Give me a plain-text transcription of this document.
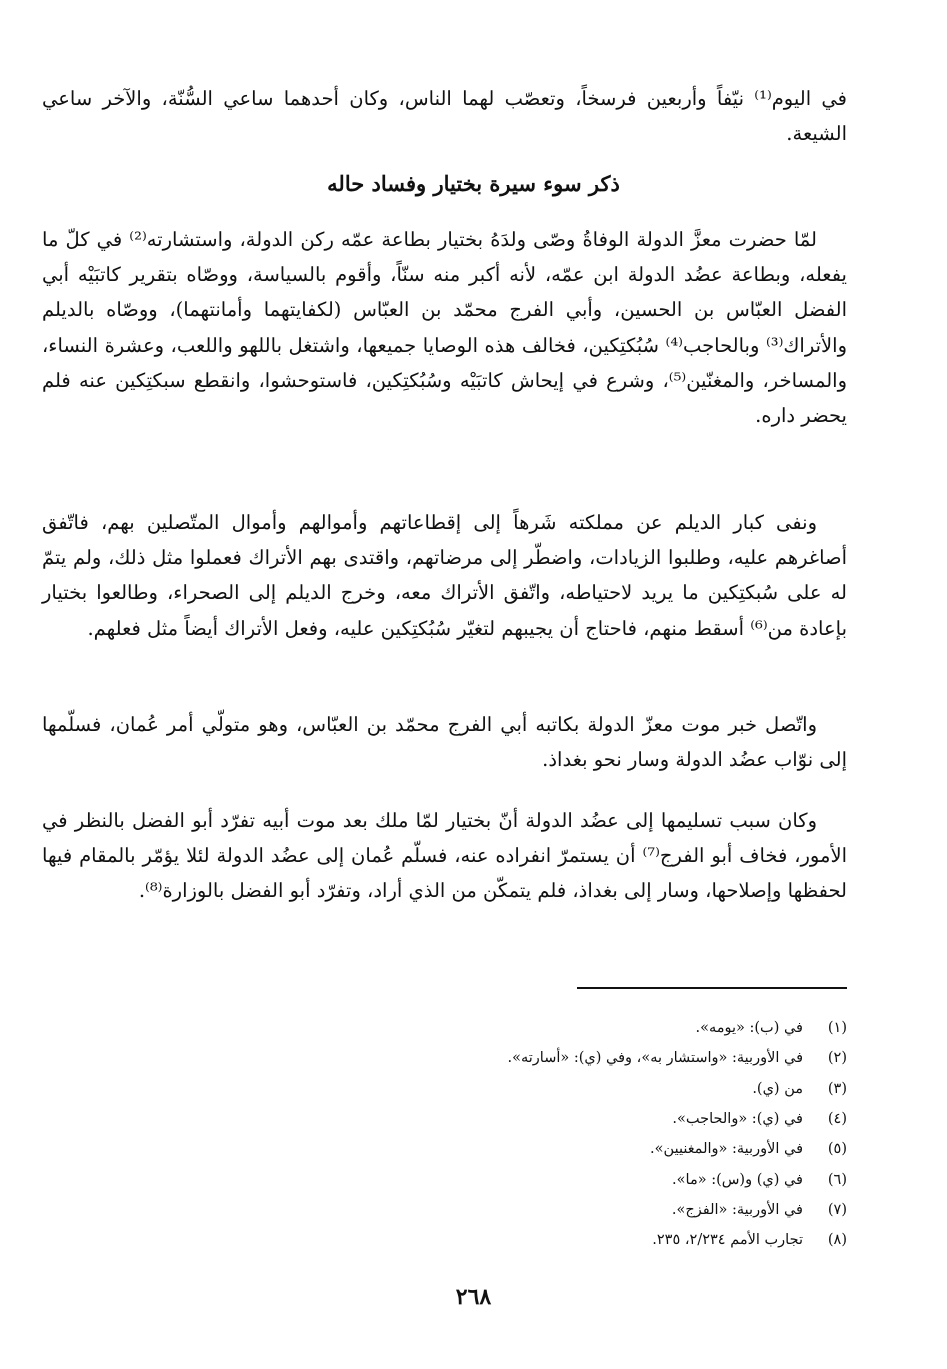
في اليوم⁽¹⁾ نيّفاً وأربعين فرسخاً، وتعصّب لهما الناس، وكان أحدهما ساعي السُّنّة، والآخر ساعي الشيعة.

ذكر سوء سيرة بختيار وفساد حاله

لمّا حضرت معزَّ الدولة الوفاةُ وصّى ولدَهُ بختيار بطاعة عمّه ركن الدولة، واستشارته⁽²⁾ في كلّ ما يفعله، وبطاعة عضُد الدولة ابن عمّه، لأنه أكبر منه سنّاً، وأقوم بالسياسة، ووصّاه بتقرير كاتبَيْه أبي الفضل العبّاس بن الحسين، وأبي الفرج محمّد بن العبّاس (لكفايتهما وأمانتهما)، ووصّاه بالديلم والأتراك⁽³⁾ وبالحاجب⁽⁴⁾ سُبُكتِكين، فخالف هذه الوصايا جميعها، واشتغل باللهو واللعب، وعشرة النساء، والمساخر، والمغنّين⁽⁵⁾، وشرع في إيحاش كاتبَيْه وسُبُكتِكين، فاستوحشوا، وانقطع سبكتِكين عنه فلم يحضر داره.

ونفى كبار الديلم عن مملكته شَرهاً إلى إقطاعاتهم وأموالهم وأموال المتّصلين بهم، فاتّفق أصاغرهم عليه، وطلبوا الزيادات، واضطّر إلى مرضاتهم، واقتدى بهم الأتراك فعملوا مثل ذلك، ولم يتمّ له على سُبكتِكين ما يريد لاحتياطه، واتّفق الأتراك معه، وخرج الديلم إلى الصحراء، وطالعوا بختيار بإعادة من⁽⁶⁾ أسقط منهم، فاحتاج أن يجيبهم لتغيّر سُبُكتِكين عليه، وفعل الأتراك أيضاً مثل فعلهم.

واتّصل خبر موت معزّ الدولة بكاتبه أبي الفرج محمّد بن العبّاس، وهو متولّي أمر عُمان، فسلّمها إلى نوّاب عضُد الدولة وسار نحو بغداذ.

وكان سبب تسليمها إلى عضُد الدولة أنّ بختيار لمّا ملك بعد موت أبيه تفرّد أبو الفضل بالنظر في الأمور، فخاف أبو الفرج⁽⁷⁾ أن يستمرّ انفراده عنه، فسلّم عُمان إلى عضُد الدولة لئلا يؤمّر بالمقام فيها لحفظها وإصلاحها، وسار إلى بغداذ، فلم يتمكّن من الذي أراد، وتفرّد أبو الفضل بالوزارة⁽⁸⁾.

(١)
في (ب): «يومه».
(٢)
في الأوربية: «واستشار به»، وفي (ي): «أسارته».
(٣)
من (ي).
(٤)
في (ي): «والحاجب».
(٥)
في الأوربية: «والمغنيين».
(٦)
في (ي) و(س): «ما».
(٧)
في الأوربية: «الفزج».
(٨)
تجارب الأمم ٢/٢٣٤، ٢٣٥.
٢٦٨
